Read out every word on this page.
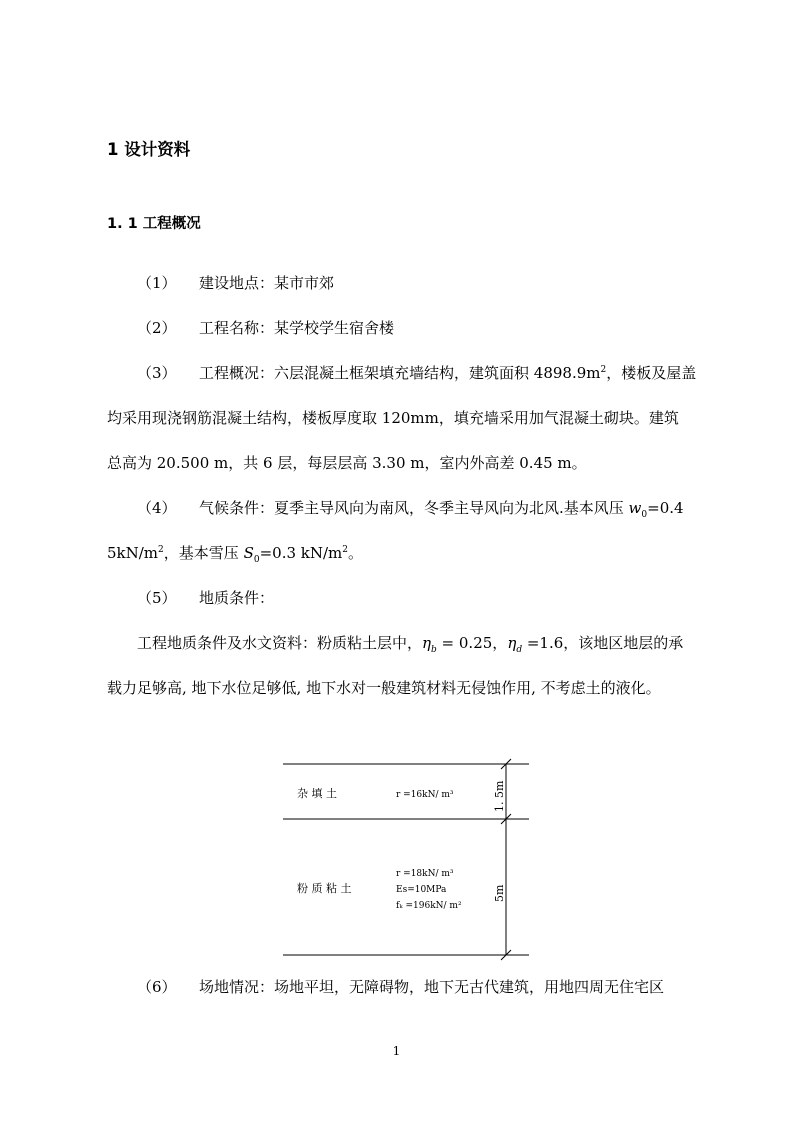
1 设计资料
1. 1 工程概况
（1） 建设地点：某市市郊
（2） 工程名称：某学校学生宿舍楼
（3） 工程概况：六层混凝土框架填充墙结构，建筑面积 $4898.9m^2$，楼板及屋盖
均采用现浇钢筋混凝土结构，楼板厚度取 120mm，填充墙采用加气混凝土砌块。建筑
总高为 20.500 m，共 6 层，每层层高 3.30 m，室内外高差 0.45 m。
（4） 气候条件：夏季主导风向为南风，冬季主导风向为北风.基本风压 $w_0=0.4$
$5kN/m^2$，基本雪压 $S_0=0.3$ $kN/m^2$。
（5） 地质条件：
工程地质条件及水文资料：粉质粘土层中，$\eta_b = 0.25$，$\eta_d =1.6$，该地区地层的承
载力足够高, 地下水位足够低, 地下水对一般建筑材料无侵蚀作用, 不考虑土的液化。
杂 填 土	r =16kN/ m³	1. 5m
粉 质 粘 土
r =18kN/ m³
Es=10MPa
fₖ =196kN/ m²
5m
（6） 场地情况：场地平坦，无障碍物，地下无古代建筑，用地四周无住宅区
1
